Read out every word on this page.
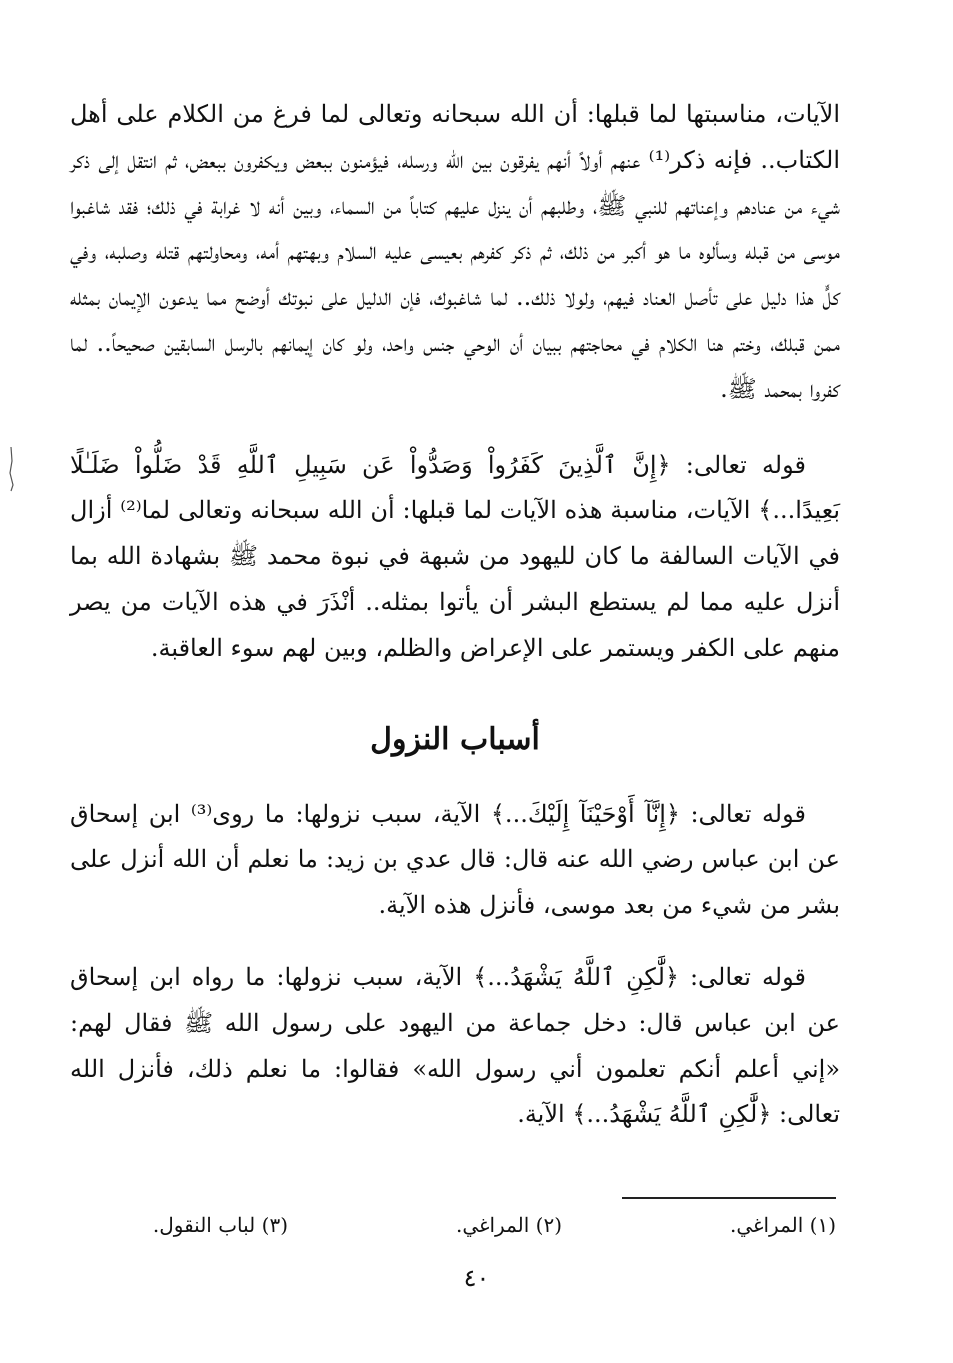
الآيات، مناسبتها لما قبلها: أن الله سبحانه وتعالى لما فرغ من الكلام على أهل الكتاب.. فإنه ذكر⁽¹⁾ عنهم أولاً أنهم يفرقون بين الله ورسله، فيؤمنون ببعض ويكفرون ببعض، ثم انتقل إلى ذكر شيء من عنادهم وإعناتهم للنبي ﷺ، وطلبهم أن ينزل عليهم كتاباً من السماء، وبين أنه لا غرابة في ذلك؛ فقد شاغبوا موسى من قبله وسألوه ما هو أكبر من ذلك، ثم ذكر كفرهم بعيسى عليه السلام وبهتهم أمه، ومحاولتهم قتله وصلبه، وفي كلٍّ هذا دليل على تأصل العناد فيهم، ولولا ذلك.. لما شاغبوك، فإن الدليل على نبوتك أوضح مما يدعون الإيمان بمثله ممن قبلك، وختم هنا الكلام في محاجتهم ببيان أن الوحي جنس واحد، ولو كان إيمانهم بالرسل السابقين صحيحاً.. لما كفروا بمحمد ﷺ.

قوله تعالى: ﴿إِنَّ ٱلَّذِينَ كَفَرُواْ وَصَدُّواْ عَن سَبِيلِ ٱللَّهِ قَدْ ضَلُّواْ ضَلَـٰلًا بَعِيدًا...﴾ الآيات، مناسبة هذه الآيات لما قبلها: أن الله سبحانه وتعالى لما⁽²⁾ أزال في الآيات السالفة ما كان لليهود من شبهة في نبوة محمد ﷺ بشهادة الله بما أنزل عليه مما لم يستطع البشر أن يأتوا بمثله.. أنْذَرَ في هذه الآيات من يصر منهم على الكفر ويستمر على الإعراض والظلم، وبين لهم سوء العاقبة.

أسباب النزول

قوله تعالى: ﴿إِنَّآ أَوْحَيْنَآ إِلَيْكَ...﴾ الآية، سبب نزولها: ما روى⁽³⁾ ابن إسحاق عن ابن عباس رضي الله عنه قال: قال عدي بن زيد: ما نعلم أن الله أنزل على بشر من شيء من بعد موسى، فأنزل هذه الآية.

قوله تعالى: ﴿لَّٰكِنِ ٱللَّهُ يَشْهَدُ...﴾ الآية، سبب نزولها: ما رواه ابن إسحاق عن ابن عباس قال: دخل جماعة من اليهود على رسول الله ﷺ فقال لهم: «إني أعلم أنكم تعلمون أني رسول الله» فقالوا: ما نعلم ذلك، فأنزل الله تعالى: ﴿لَّٰكِنِ ٱللَّهُ يَشْهَدُ...﴾ الآية.

(١) المراغي.
(٢) المراغي.
(٣) لباب النقول.
٤٠
